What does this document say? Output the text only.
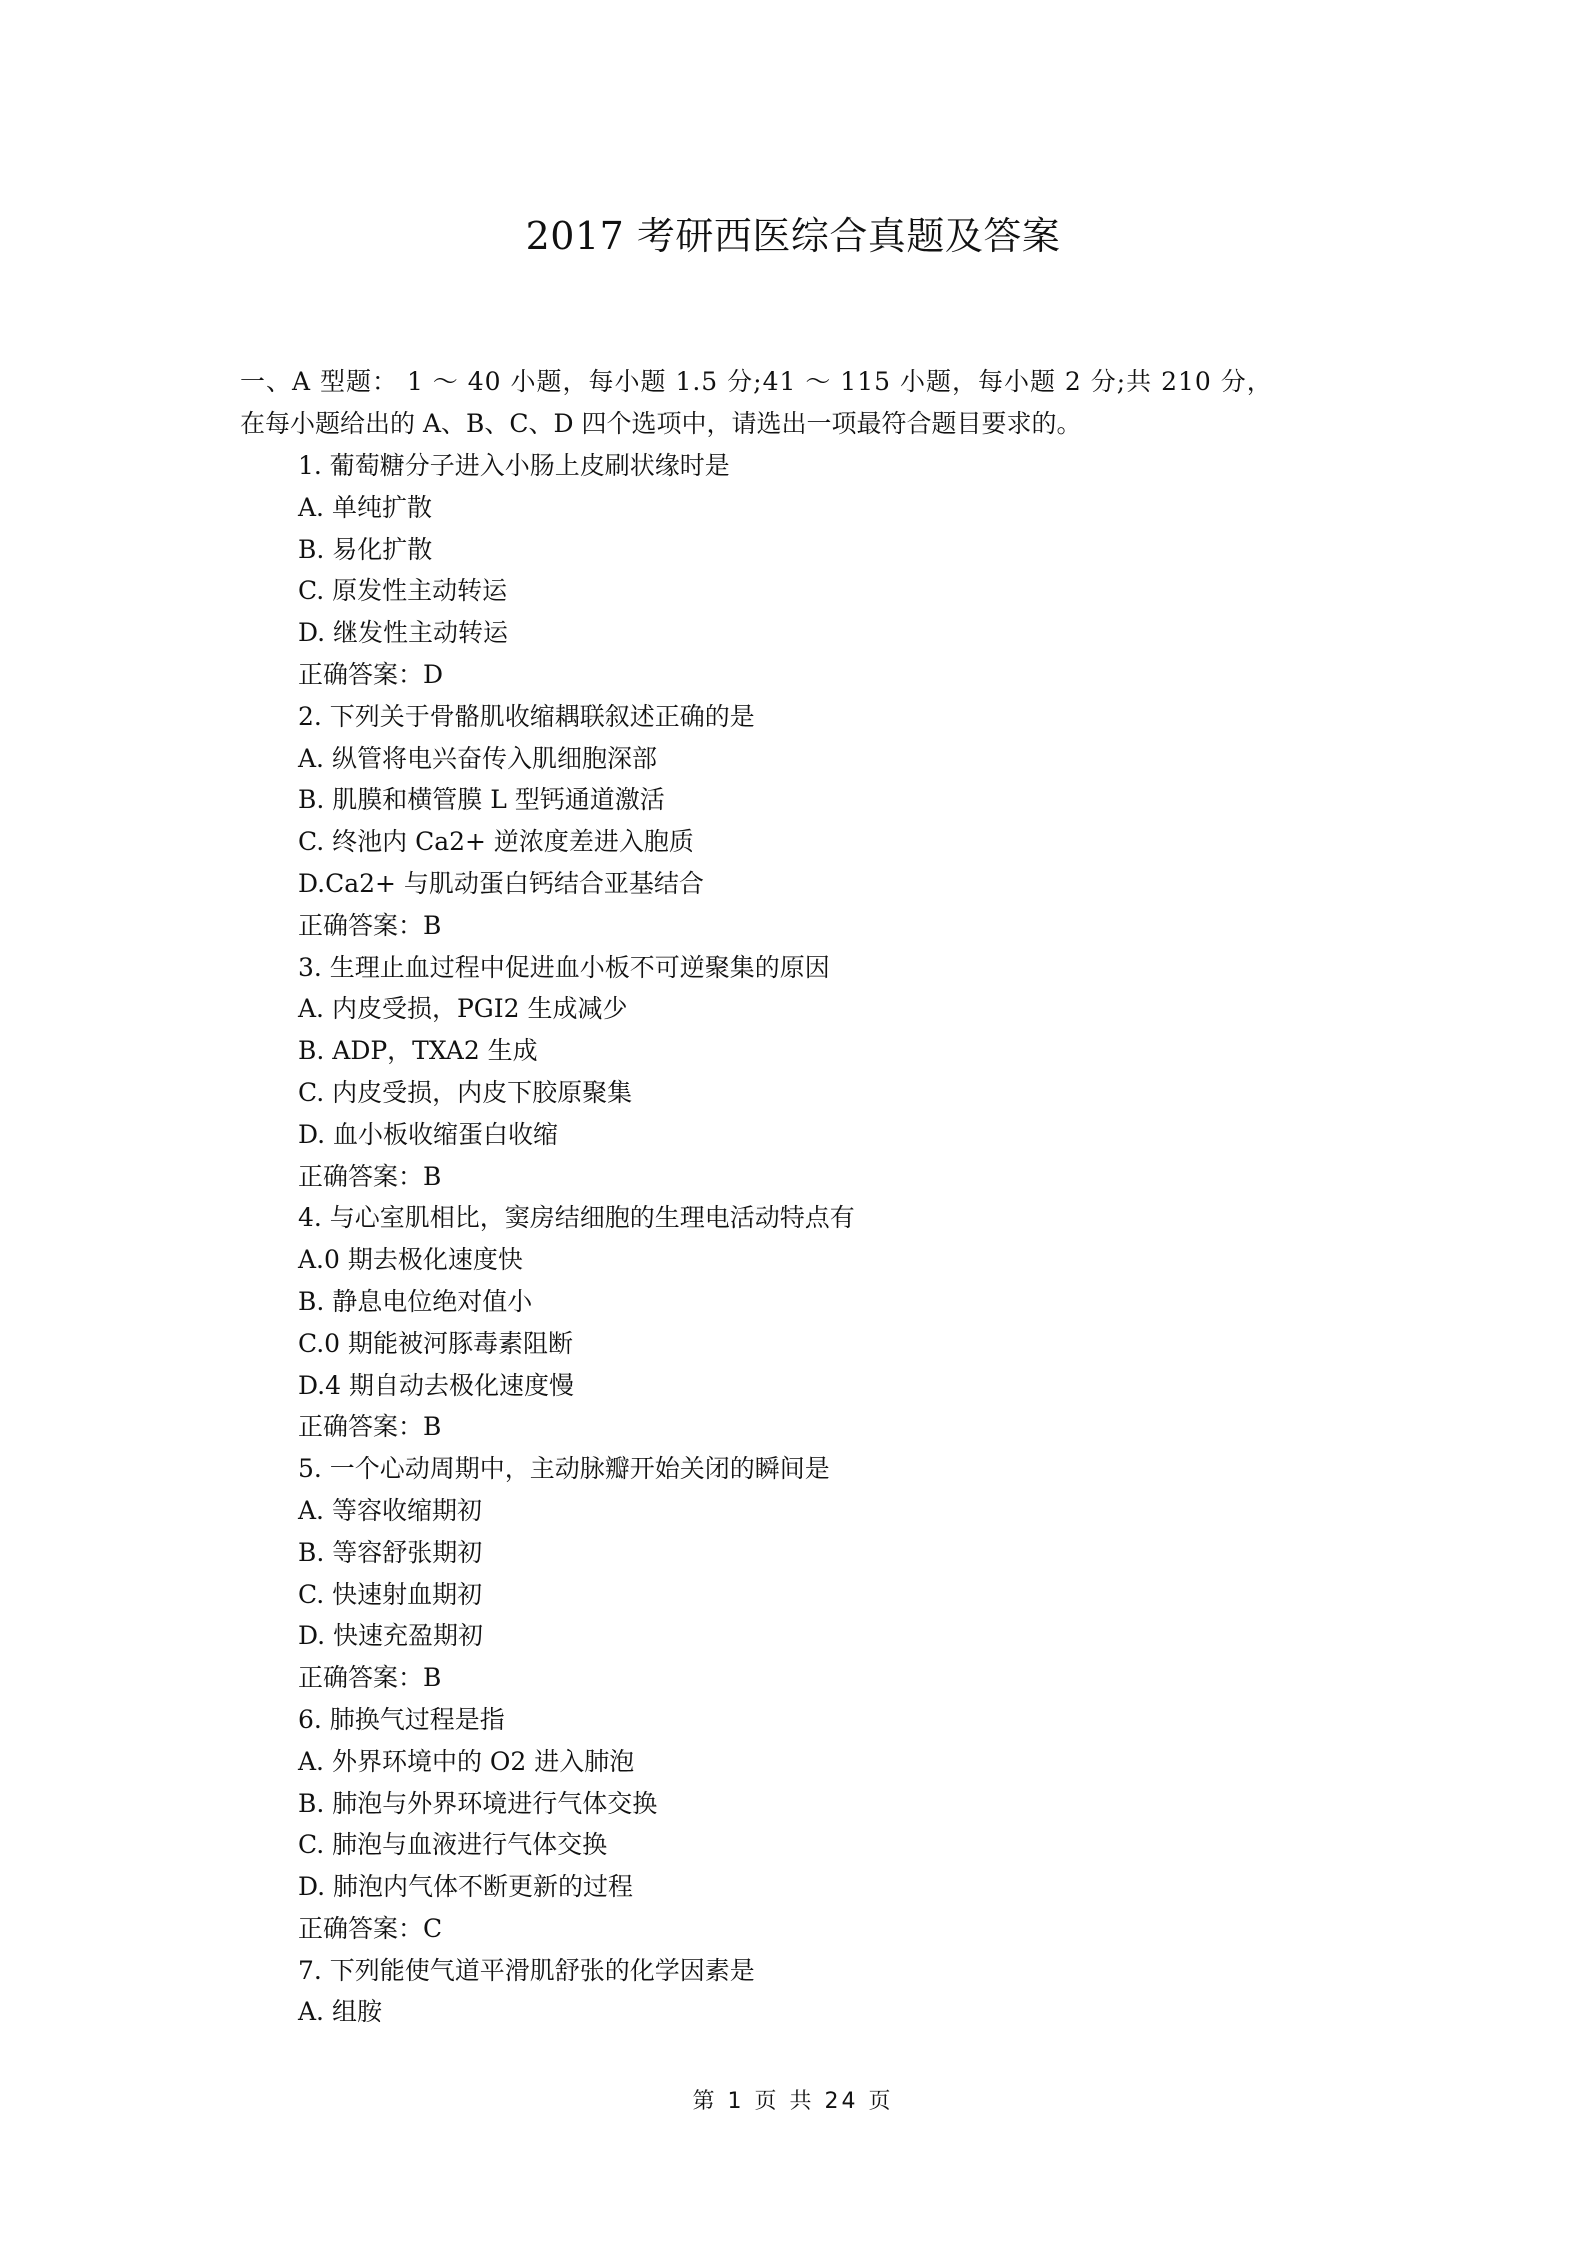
2017 考研西医综合真题及答案
一、A 型题： 1 ～ 40 小题，每小题 1.5 分;41 ～ 115 小题，每小题 2 分;共 210 分，
在每小题给出的 A、B、C、D 四个选项中，请选出一项最符合题目要求的。
1. 葡萄糖分子进入小肠上皮刷状缘时是
A. 单纯扩散
B. 易化扩散
C. 原发性主动转运
D. 继发性主动转运
正确答案：D
2. 下列关于骨骼肌收缩耦联叙述正确的是
A. 纵管将电兴奋传入肌细胞深部
B. 肌膜和横管膜 L 型钙通道激活
C. 终池内 Ca2+ 逆浓度差进入胞质
D.Ca2+ 与肌动蛋白钙结合亚基结合
正确答案：B
3. 生理止血过程中促进血小板不可逆聚集的原因
A. 内皮受损，PGI2 生成减少
B. ADP，TXA2 生成
C. 内皮受损，内皮下胶原聚集
D. 血小板收缩蛋白收缩
正确答案：B
4. 与心室肌相比，窦房结细胞的生理电活动特点有
A.0 期去极化速度快
B. 静息电位绝对值小
C.0 期能被河豚毒素阻断
D.4 期自动去极化速度慢
正确答案：B
5. 一个心动周期中，主动脉瓣开始关闭的瞬间是
A. 等容收缩期初
B. 等容舒张期初
C. 快速射血期初
D. 快速充盈期初
正确答案：B
6. 肺换气过程是指
A. 外界环境中的 O2 进入肺泡
B. 肺泡与外界环境进行气体交换
C. 肺泡与血液进行气体交换
D. 肺泡内气体不断更新的过程
正确答案：C
7. 下列能使气道平滑肌舒张的化学因素是
A. 组胺
第 1 页 共 24 页
